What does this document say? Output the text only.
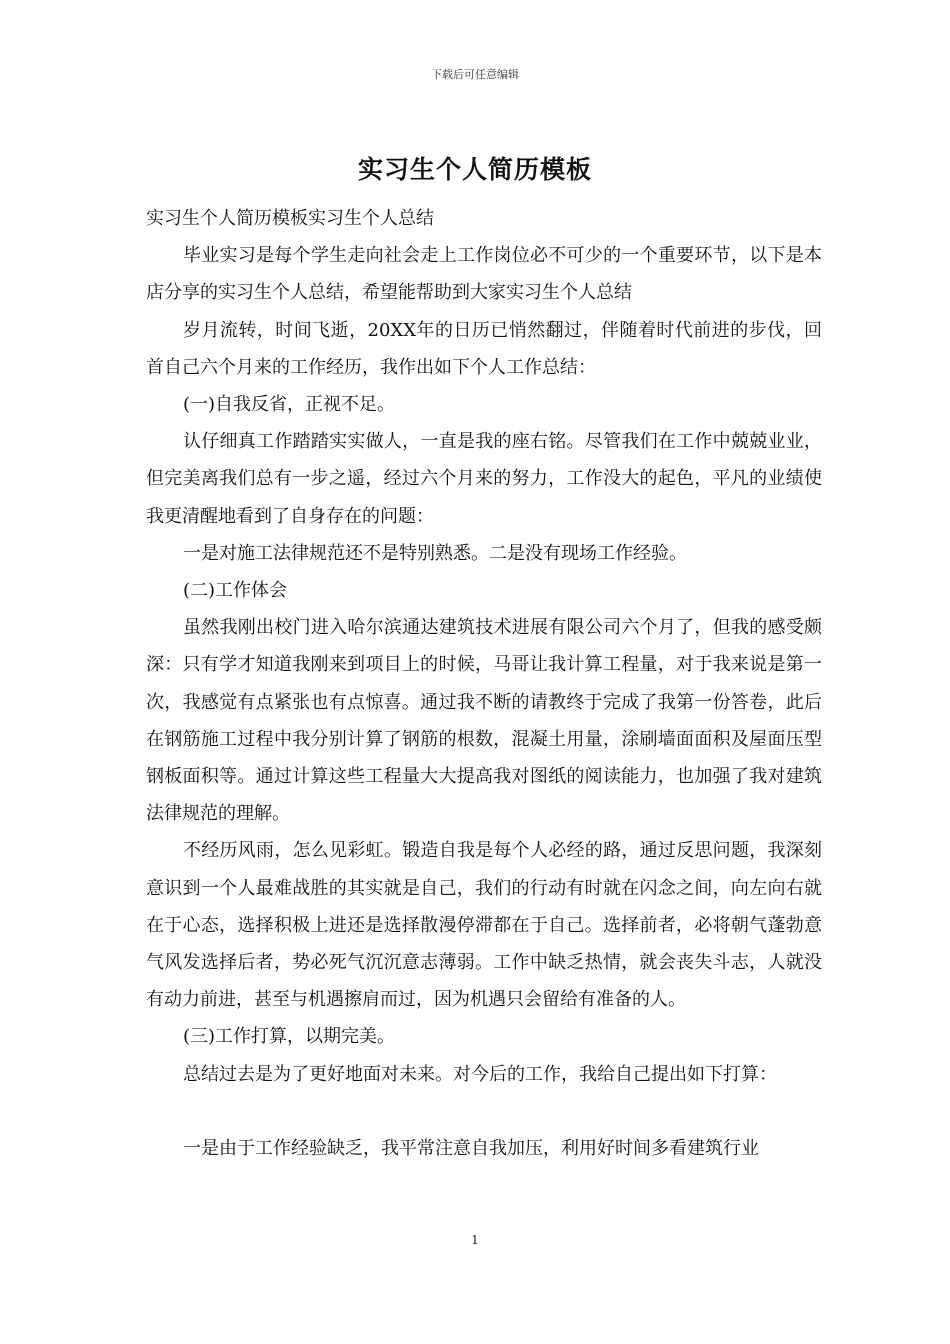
下载后可任意编辑
实习生个人简历模板

实习生个人简历模板实习生个人总结

毕业实习是每个学生走向社会走上工作岗位必不可少的一个重要环节，以下是本店分享的实习生个人总结，希望能帮助到大家实习生个人总结

岁月流转，时间飞逝，20XX年的日历已悄然翻过，伴随着时代前进的步伐，回首自己六个月来的工作经历，我作出如下个人工作总结：

(一)自我反省，正视不足。

认仔细真工作踏踏实实做人，一直是我的座右铭。尽管我们在工作中兢兢业业，但完美离我们总有一步之遥，经过六个月来的努力，工作没大的起色，平凡的业绩使我更清醒地看到了自身存在的问题：

一是对施工法律规范还不是特别熟悉。二是没有现场工作经验。

(二)工作体会

虽然我刚出校门进入哈尔滨通达建筑技术进展有限公司六个月了，但我的感受颇深：只有学才知道我刚来到项目上的时候，马哥让我计算工程量，对于我来说是第一次，我感觉有点紧张也有点惊喜。通过我不断的请教终于完成了我第一份答卷，此后在钢筋施工过程中我分别计算了钢筋的根数，混凝土用量，涂刷墙面面积及屋面压型钢板面积等。通过计算这些工程量大大提高我对图纸的阅读能力，也加强了我对建筑法律规范的理解。

不经历风雨，怎么见彩虹。锻造自我是每个人必经的路，通过反思问题，我深刻意识到一个人最难战胜的其实就是自己，我们的行动有时就在闪念之间，向左向右就在于心态，选择积极上进还是选择散漫停滞都在于自己。选择前者，必将朝气蓬勃意气风发选择后者，势必死气沉沉意志薄弱。工作中缺乏热情，就会丧失斗志，人就没有动力前进，甚至与机遇擦肩而过，因为机遇只会留给有准备的人。

(三)工作打算，以期完美。

总结过去是为了更好地面对未来。对今后的工作，我给自己提出如下打算：

一是由于工作经验缺乏，我平常注意自我加压，利用好时间多看建筑行业

1
